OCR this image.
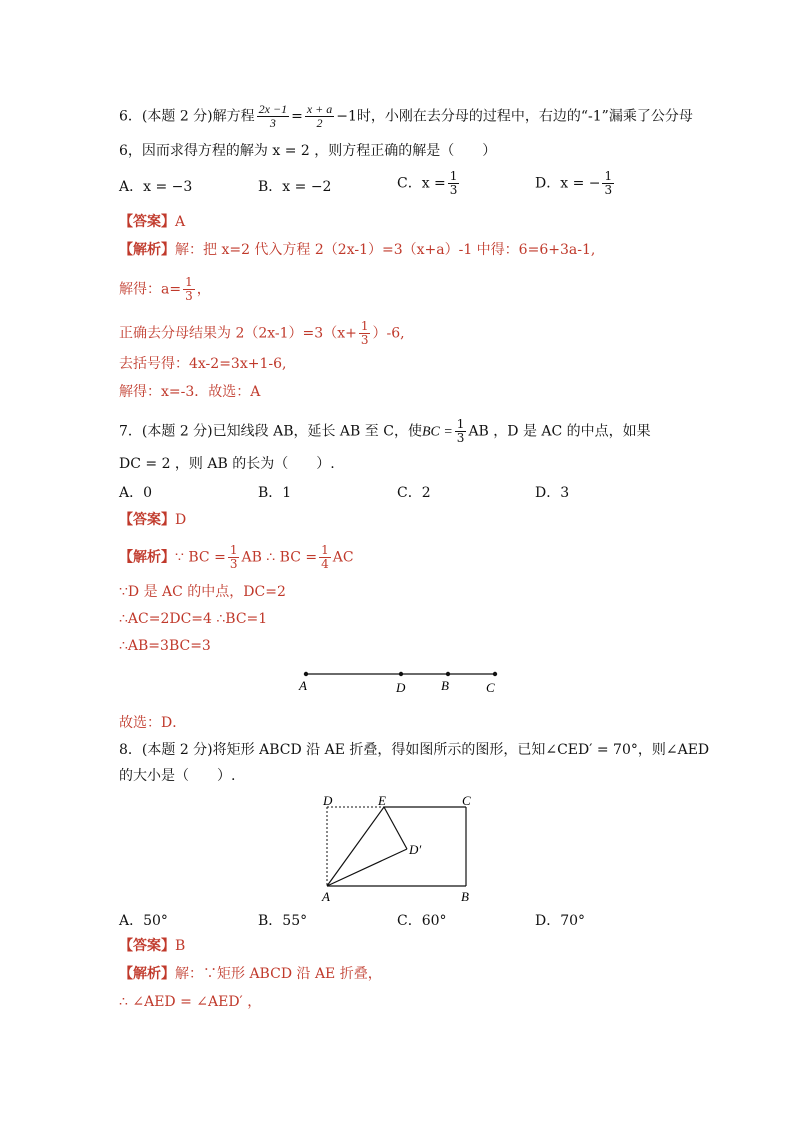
6．(本题 2 分)解方程 $\frac{2x -1}{3} = \frac{x + a}{2} -1$时，小刚在去分母的过程中，右边的“-1”漏乘了公分母
6，因而求得方程的解为 x = 2 ，则方程正确的解是（　　）
A．x = −3	B．x = −2	C．$x = \frac{1}{3}$	D．x = − $\frac{1}{3}$
【答案】A
【解析】解：把 x=2 代入方程 2（2x-1）=3（x+a）-1 中得：6=6+3a-1,
解得：$a= \frac{1}{3}$ ，
正确去分母结果为 $2(2x-1)=3(x+ \frac{1}{3} )-6$,
去括号得：4x-2=3x+1-6,
解得：x=-3．故选：A
7．(本题 2 分)已知线段 AB，延长 AB 至 C，使BC = $\frac{1}{3}$ AB ，D 是 AC 的中点，如果
DC = 2 ，则 AB 的长为（　　）.
A．0	B．1	C．2	D．3
【答案】D
【解析】∵ BC = $\frac{1}{3}$ AB ∴ BC = $\frac{1}{4}$ AC
∵D 是 AC 的中点，DC=2
∴AC=2DC=4 ∴BC=1
∴AB=3BC=3
A	D	B	C
故选：D．
8．(本题 2 分)将矩形 ABCD 沿 AE 折叠，得如图所示的图形，已知∠CED′ = 70°，则∠AED
的大小是（　　）.
D	E	C
D′
A	B
A．50°	B．55°	C．60°	D．70°
【答案】B
【解析】解：∵矩形 ABCD 沿 AE 折叠，
∴ ∠AED = ∠AED′ ，
